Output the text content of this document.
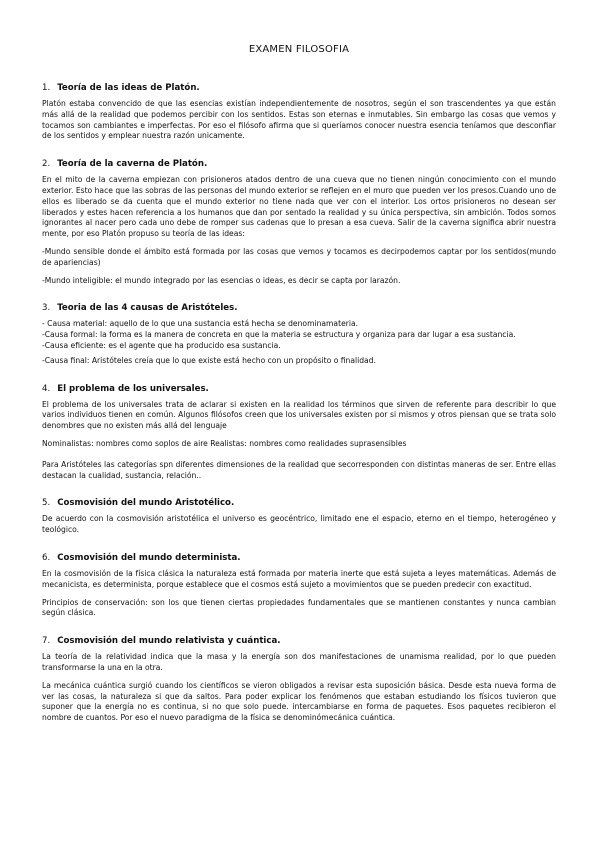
EXAMEN FILOSOFIA
1. Teoría de las ideas de Platón.

Platón estaba convencido de que las esencias existían independientemente de nosotros, según el son trascendentes ya que están más allá de la realidad que podemos percibir con los sentidos. Estas son eternas e inmutables. Sin embargo las cosas que vemos y tocamos son cambiantes e imperfectas. Por eso el filósofo afirma que si queríamos conocer nuestra esencia teníamos que desconfiar de los sentidos y emplear nuestra razón unicamente.

2. Teoría de la caverna de Platón.

En el mito de la caverna empiezan con prisioneros atados dentro de una cueva que no tienen ningún conocimiento con el mundo exterior. Esto hace que las sobras de las personas del mundo exterior se reflejen en el muro que pueden ver los presos.Cuando uno de ellos es liberado se da cuenta que el mundo exterior no tiene nada que ver con el interior. Los ortos prisioneros no desean ser liberados y estes hacen referencia a los humanos que dan por sentado la realidad y su única perspectiva, sin ambición. Todos somos ignorantes al nacer pero cada uno debe de romper sus cadenas que lo presan a esa cueva. Salir de la caverna significa abrir nuestra mente, por eso Platón propuso su teoría de las ideas:

-Mundo sensible donde el ámbito está formada por las cosas que vemos y tocamos es decirpodemos captar por los sentidos(mundo de apariencias)

-Mundo inteligible: el mundo integrado por las esencias o ideas, es decir se capta por larazón.

3. Teoria de las 4 causas de Aristóteles.

- Causa material: aquello de lo que una sustancia está hecha se denominamateria.

-Causa formal: la forma es la manera de concreta en que la materia se estructura y organiza para dar lugar a esa sustancia.

-Causa eficiente: es el agente que ha producido esa sustancia.

-Causa final: Aristóteles creía que lo que existe está hecho con un propósito o finalidad.

4. El problema de los universales.

El problema de los universales trata de aclarar si existen en la realidad los términos que sirven de referente para describir lo que varios individuos tienen en común. Algunos filósofos creen que los universales existen por si mismos y otros piensan que se trata solo denombres que no existen más allá del lenguaje

Nominalistas: nombres como soplos de aire Realistas: nombres como realidades suprasensibles

Para Aristóteles las categorías spn diferentes dimensiones de la realidad que secorresponden con distintas maneras de ser. Entre ellas destacan la cualidad, sustancia, relación..

5. Cosmovisión del mundo Aristotélico.

De acuerdo con la cosmovisión aristotélica el universo es geocéntrico, limitado ene el espacio, eterno en el tiempo, heterogéneo y teológico.

6. Cosmovisión del mundo determinista.

En la cosmovisión de la física clásica la naturaleza está formada por materia inerte que está sujeta a leyes matemáticas. Además de mecanicista, es determinista, porque establece que el cosmos está sujeto a movimientos que se pueden predecir con exactitud.

Principios de conservación: son los que tienen ciertas propiedades fundamentales que se mantienen constantes y nunca cambian según clásica.

7. Cosmovisión del mundo relativista y cuántica.

La teoría de la relatividad indica que la masa y la energía son dos manifestaciones de unamisma realidad, por lo que pueden transformarse la una en la otra.

La mecánica cuántica surgió cuando los científicos se vieron obligados a revisar esta suposición básica. Desde esta nueva forma de ver las cosas, la naturaleza si que da saltos. Para poder explicar los fenómenos que estaban estudiando los físicos tuvieron que suponer que la energía no es continua, si no que solo puede. intercambiarse en forma de paquetes. Esos paquetes recibieron el nombre de cuantos. Por eso el nuevo paradigma de la física se denominómecánica cuántica.
